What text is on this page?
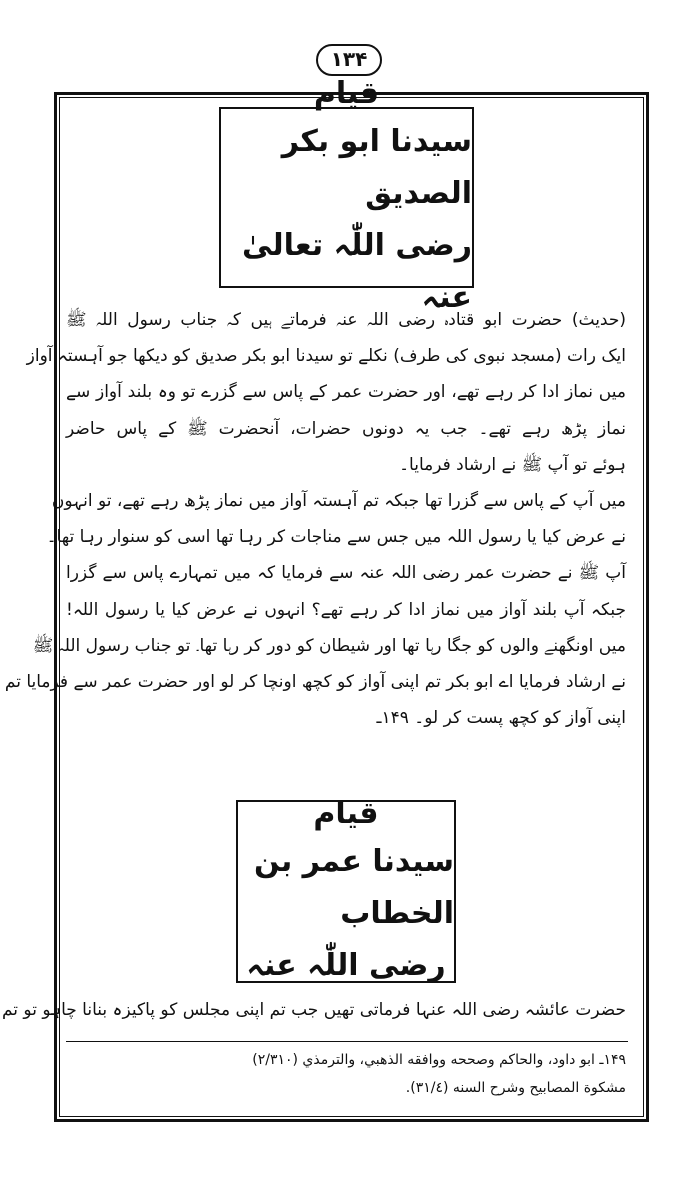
۱۳۴
قیام
سیدنا ابو بکر الصدیق
رضی اللّٰہ تعالیٰ عنہ

(حدیث) حضرت ابو قتادہ رضی اللہ عنہ فرماتے ہیں کہ جناب رسول اللہ ﷺ

ایک رات (مسجد نبوی کی طرف) نکلے تو سیدنا ابو بکر صدیق کو دیکھا جو آہستہ آواز

میں نماز ادا کر رہے تھے، اور حضرت عمر کے پاس سے گزرے تو وہ بلند آواز سے

نماز پڑھ رہے تھے۔ جب یہ دونوں حضرات، آنحضرت ﷺ کے پاس حاضر

ہوئے تو آپ ﷺ نے ارشاد فرمایا۔

میں آپ کے پاس سے گزرا تھا جبکہ تم آہستہ آواز میں نماز پڑھ رہے تھے، تو انہوں

نے عرض کیا یا رسول اللہ میں جس سے مناجات کر رہا تھا اسی کو سنوار رہا تھا۔

آپ ﷺ نے حضرت عمر رضی اللہ عنہ سے فرمایا کہ میں تمہارے پاس سے گزرا

جبکہ آپ بلند آواز میں نماز ادا کر رہے تھے؟ انہوں نے عرض کیا یا رسول اللہ!

میں اونگھنے والوں کو جگا رہا تھا اور شیطان کو دور کر رہا تھا۔ تو جناب رسول اللہ ﷺ

نے ارشاد فرمایا اے ابو بکر تم اپنی آواز کو کچھ اونچا کر لو اور حضرت عمر سے فرمایا تم

اپنی آواز کو کچھ پست کر لو۔ ۱۴۹ـ

قیام
سیدنا عمر بن الخطاب
رضی اللّٰہ عنہ

حضرت عائشہ رضی اللہ عنہا فرماتی تھیں جب تم اپنی مجلس کو پاکیزہ بنانا چاہو تو تم

۱۴۹ـ ابو داود، والحاکم وصححه ووافقه الذهبي، والترمذي (۲/۳۱۰)

مشکوة المصابیح وشرح السنه (۳۱/٤).
